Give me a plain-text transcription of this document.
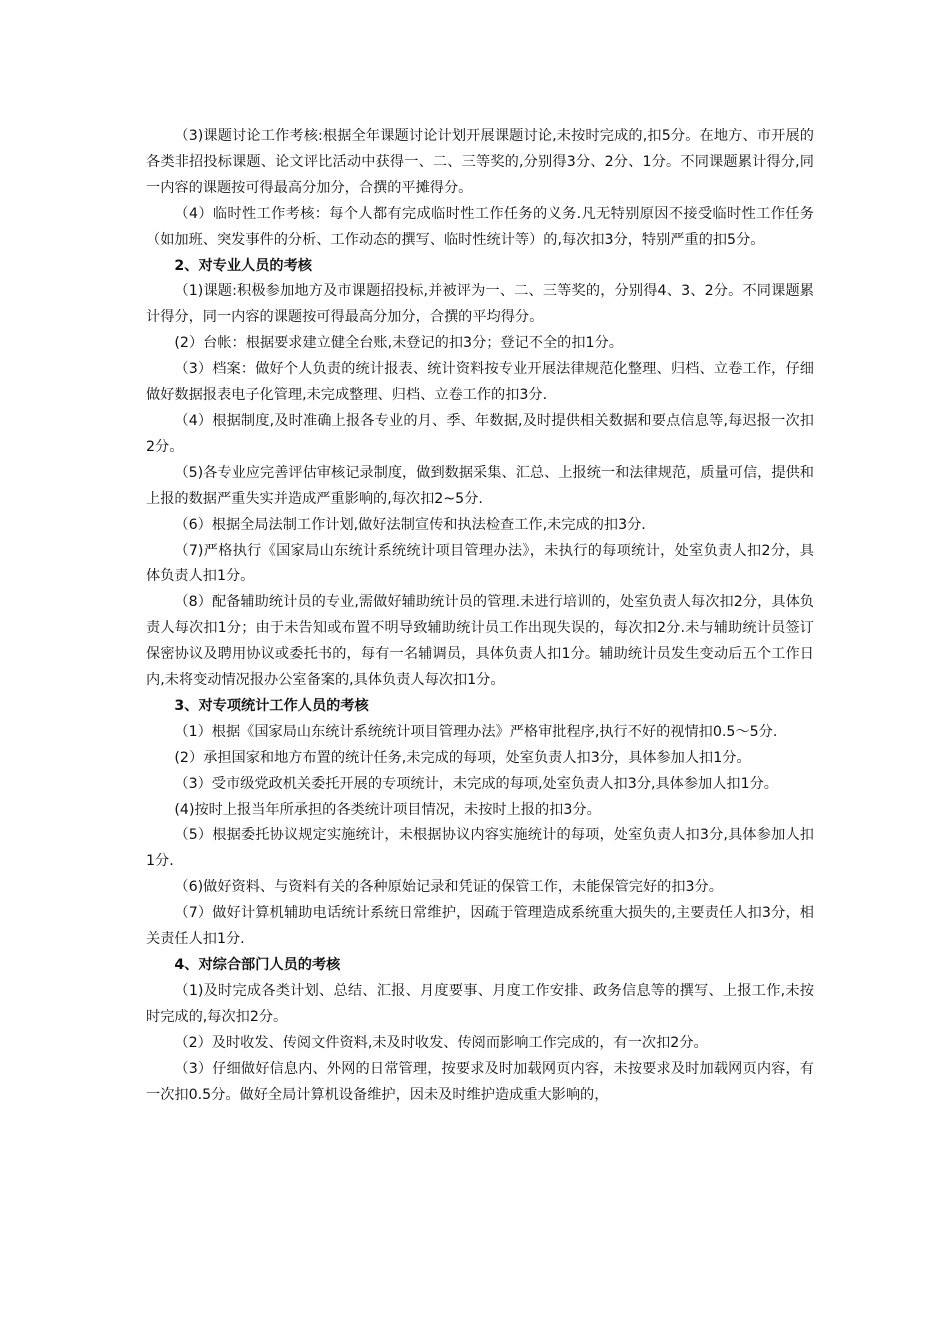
（3)课题讨论工作考核:根据全年课题讨论计划开展课题讨论,未按时完成的,扣5分。在地方、市开展的各类非招投标课题、论文评比活动中获得一、二、三等奖的,分别得3分、2分、1分。不同课题累计得分,同一内容的课题按可得最高分加分，合撰的平摊得分。

（4）临时性工作考核：每个人都有完成临时性工作任务的义务.凡无特别原因不接受临时性工作任务（如加班、突发事件的分析、工作动态的撰写、临时性统计等）的,每次扣3分，特别严重的扣5分。

2、对专业人员的考核

（1)课题:积极参加地方及市课题招投标,并被评为一、二、三等奖的，分别得4、3、2分。不同课题累计得分，同一内容的课题按可得最高分加分，合撰的平均得分。

(2）台帐：根据要求建立健全台账,未登记的扣3分；登记不全的扣1分。

（3）档案：做好个人负责的统计报表、统计资料按专业开展法律规范化整理、归档、立卷工作，仔细做好数据报表电子化管理,未完成整理、归档、立卷工作的扣3分.

（4）根据制度,及时准确上报各专业的月、季、年数据,及时提供相关数据和要点信息等,每迟报一次扣2分。

（5)各专业应完善评估审核记录制度，做到数据采集、汇总、上报统一和法律规范，质量可信，提供和上报的数据严重失实并造成严重影响的,每次扣2~5分.

（6）根据全局法制工作计划,做好法制宣传和执法检查工作,未完成的扣3分.

（7)严格执行《国家局山东统计系统统计项目管理办法》，未执行的每项统计，处室负责人扣2分，具体负责人扣1分。

（8）配备辅助统计员的专业,需做好辅助统计员的管理.未进行培训的，处室负责人每次扣2分，具体负责人每次扣1分；由于未告知或布置不明导致辅助统计员工作出现失误的，每次扣2分.未与辅助统计员签订保密协议及聘用协议或委托书的，每有一名辅调员，具体负责人扣1分。辅助统计员发生变动后五个工作日内,未将变动情况报办公室备案的,具体负责人每次扣1分。

3、对专项统计工作人员的考核

（1）根据《国家局山东统计系统统计项目管理办法》严格审批程序,执行不好的视情扣0.5～5分.

(2）承担国家和地方布置的统计任务,未完成的每项，处室负责人扣3分，具体参加人扣1分。

（3）受市级党政机关委托开展的专项统计，未完成的每项,处室负责人扣3分,具体参加人扣1分。

(4)按时上报当年所承担的各类统计项目情况，未按时上报的扣3分。

（5）根据委托协议规定实施统计，未根据协议内容实施统计的每项，处室负责人扣3分,具体参加人扣1分.

（6)做好资料、与资料有关的各种原始记录和凭证的保管工作，未能保管完好的扣3分。

（7）做好计算机辅助电话统计系统日常维护，因疏于管理造成系统重大损失的,主要责任人扣3分，相关责任人扣1分.

4、对综合部门人员的考核

（1)及时完成各类计划、总结、汇报、月度要事、月度工作安排、政务信息等的撰写、上报工作,未按时完成的,每次扣2分。

（2）及时收发、传阅文件资料,未及时收发、传阅而影响工作完成的，有一次扣2分。

（3）仔细做好信息内、外网的日常管理，按要求及时加载网页内容，未按要求及时加载网页内容，有一次扣0.5分。做好全局计算机设备维护，因未及时维护造成重大影响的，
